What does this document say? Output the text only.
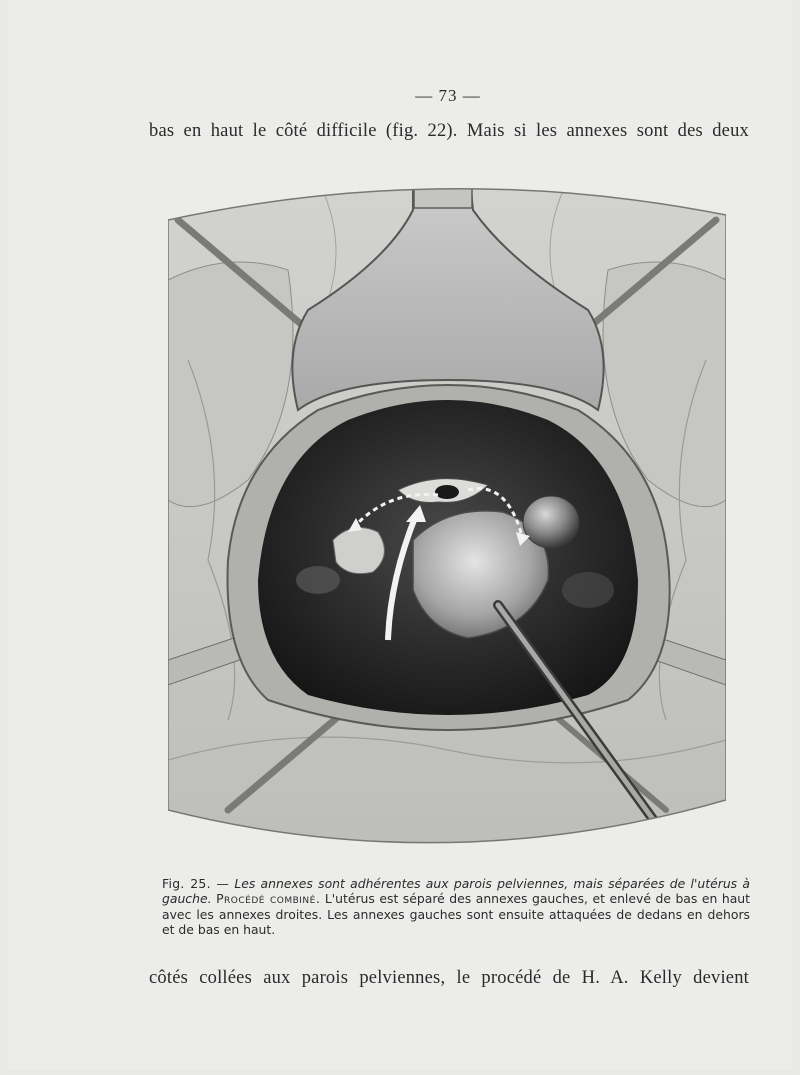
— 73 —
bas en haut le côté difficile (fig. 22). Mais si les annexes sont des deux
Fig. 25. — Les annexes sont adhérentes aux parois pelviennes, mais séparées de l'utérus à gauche. Procédé combiné. L'utérus est séparé des annexes gauches, et enlevé de bas en haut avec les annexes droites. Les annexes gauches sont ensuite attaquées de dedans en dehors et de bas en haut.
côtés collées aux parois pelviennes, le procédé de H. A. Kelly devient
